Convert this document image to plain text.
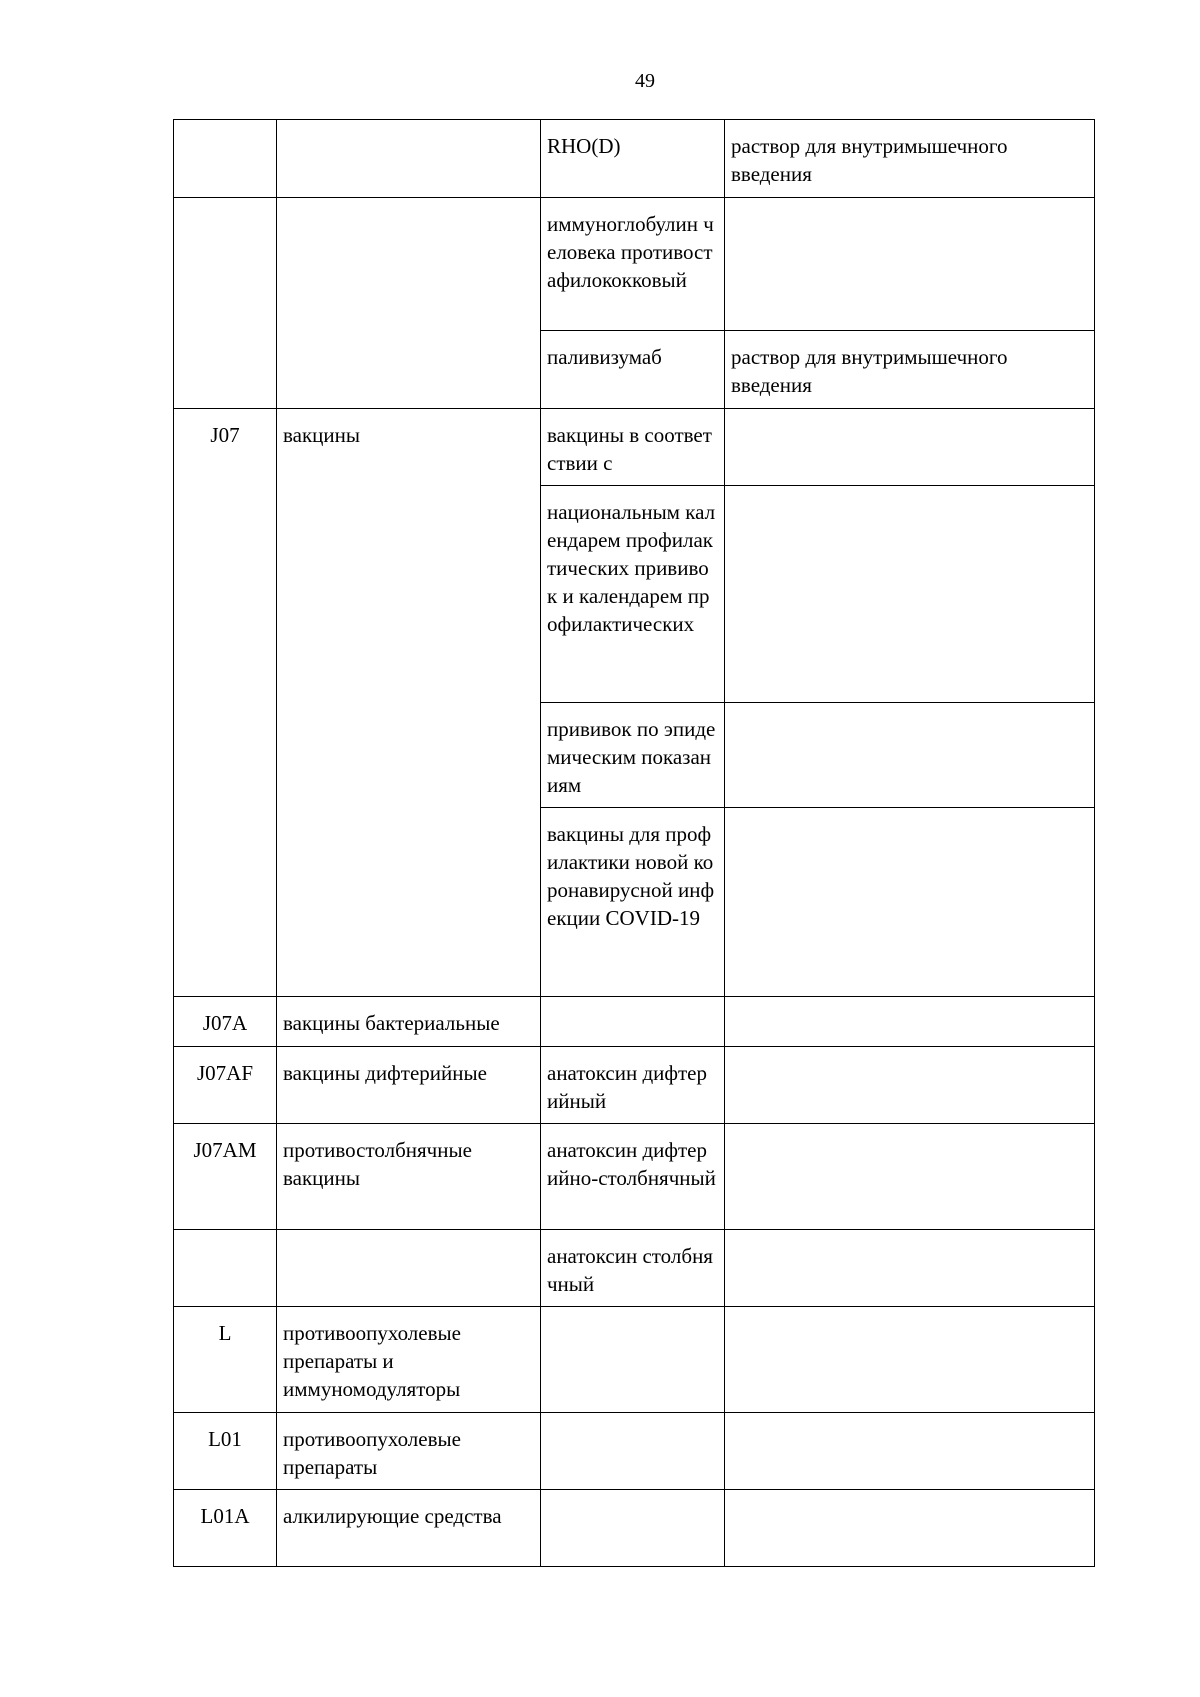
49
		RHO(D)	раствор для внутримышечного введения
		иммуноглобулин человека противостафилококковый	
		паливизумаб	раствор для внутримышечного введения
J07	вакцины	вакцины в соответствии с	
		национальным календарем профилактических прививок и календарем профилактических	
		прививок по эпидемическим показаниям	
		вакцины для профилактики новой коронавирусной инфекции COVID-19	
J07A	вакцины бактериальные		
J07AF	вакцины дифтерийные	анатоксин дифтерийный	
J07AM	противостолбнячные вакцины	анатоксин дифтерийно-столбнячный	
		анатоксин столбнячный	
L	противоопухолевые препараты и иммуномодуляторы		
L01	противоопухолевые препараты		
L01A	алкилирующие средства		
